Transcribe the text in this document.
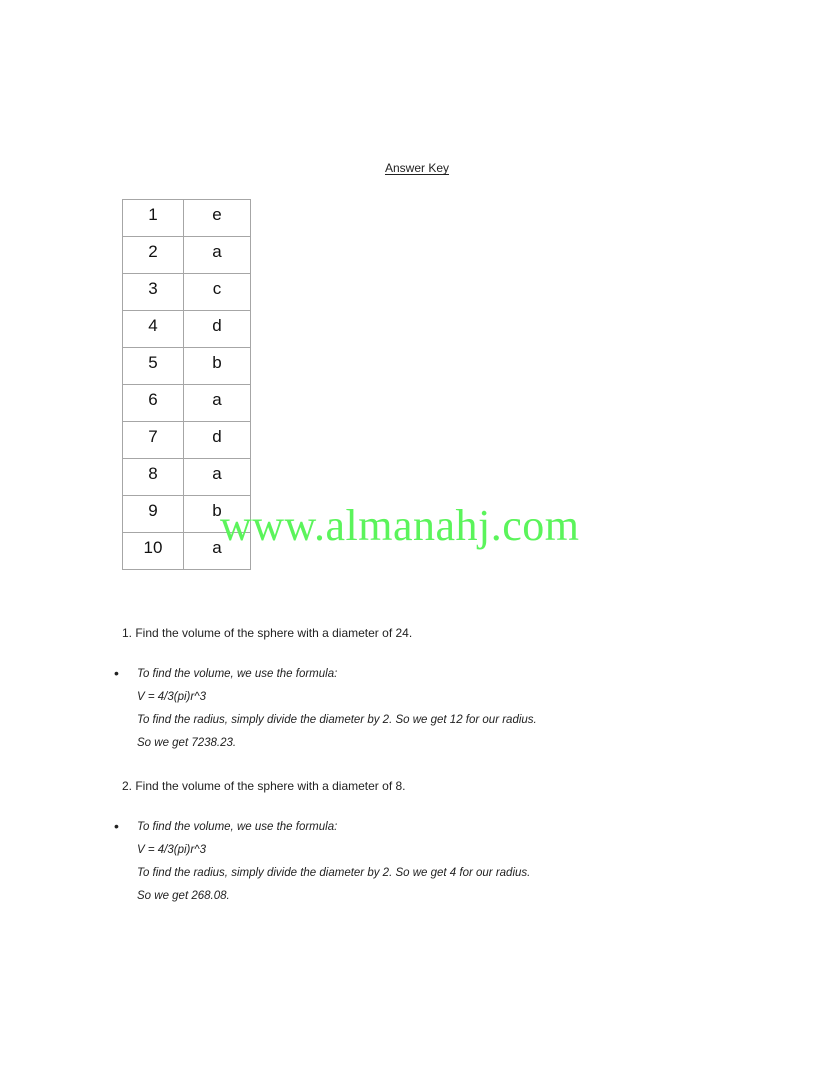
Answer Key
1	e
2	a
3	c
4	d
5	b
6	a
7	d
8	a
9	b
10	a
www.almanahj.com
1. Find the volume of the sphere with a diameter of 24.
• To find the volume, we use the formula:
V = 4/3(pi)r^3
To find the radius, simply divide the diameter by 2. So we get 12 for our radius.
So we get 7238.23.
2. Find the volume of the sphere with a diameter of 8.
• To find the volume, we use the formula:
V = 4/3(pi)r^3
To find the radius, simply divide the diameter by 2. So we get 4 for our radius.
So we get 268.08.
